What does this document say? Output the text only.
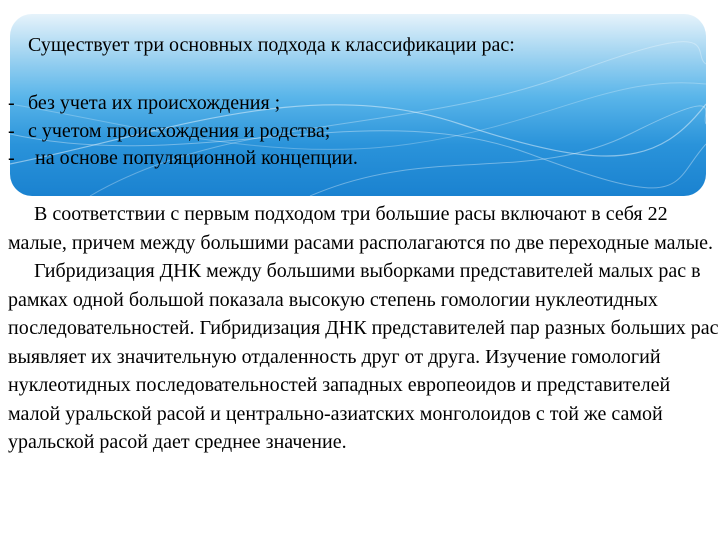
Существует три основных подхода к классификации рас:
- без учета их происхождения ;
- с учетом происхождения и родства;
- на основе популяционной концепции.

В соответствии с первым подходом три большие расы включают в себя 22 малые, причем между большими расами располагаются по две переходные малые.

Гибридизация ДНК между большими выборками представителей малых рас в рамках одной большой показала высокую степень гомологии нуклеотидных последовательностей. Гибридизация ДНК представителей пар разных больших рас выявляет их значительную отдаленность друг от друга. Изучение гомологий нуклеотидных последовательностей западных европеоидов и представителей малой уральской расой и центрально-азиатских монголоидов с той же самой уральской расой дает среднее значение.
